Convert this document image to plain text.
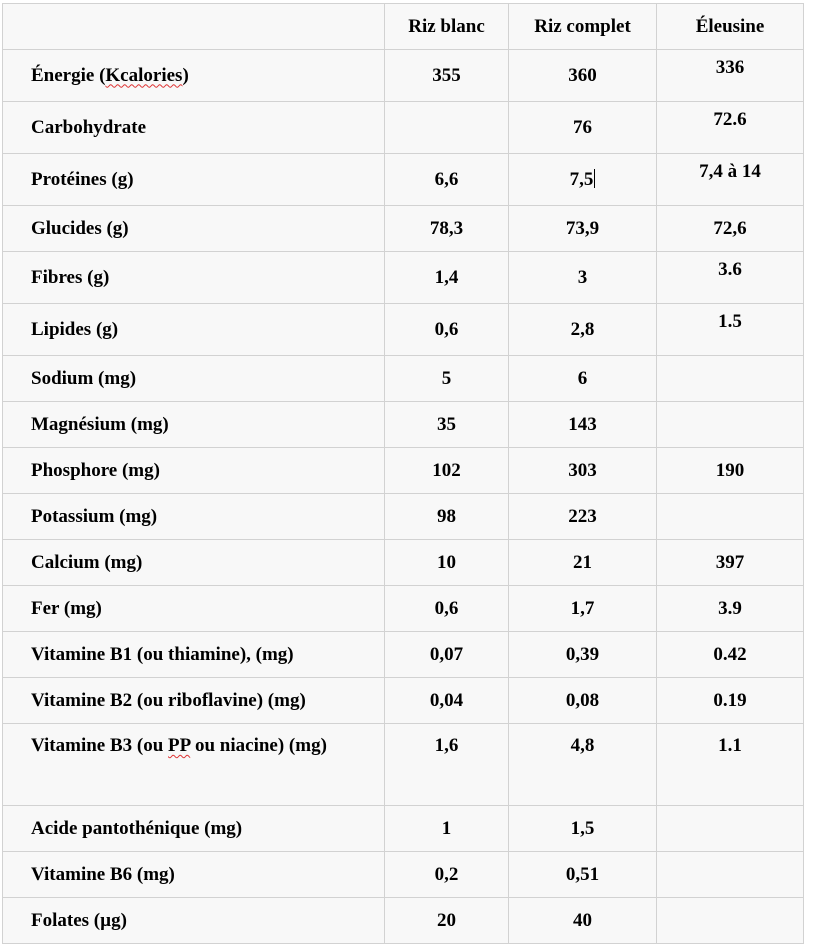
	Riz blanc	Riz complet	Éleusine
Énergie (Kcalories)	355	360	336
Carbohydrate		76	72.6
Protéines (g)	6,6	7,5	7,4 à 14
Glucides (g)	78,3	73,9	72,6
Fibres (g)	1,4	3	3.6
Lipides (g)	0,6	2,8	1.5
Sodium (mg)	5	6	
Magnésium (mg)	35	143	
Phosphore (mg)	102	303	190
Potassium (mg)	98	223	
Calcium (mg)	10	21	397
Fer (mg)	0,6	1,7	3.9
Vitamine B1 (ou thiamine), (mg)	0,07	0,39	0.42
Vitamine B2 (ou riboflavine) (mg)	0,04	0,08	0.19
Vitamine B3 (ou PP ou niacine) (mg)	1,6	4,8	1.1
Acide pantothénique (mg)	1	1,5	
Vitamine B6 (mg)	0,2	0,51	
Folates (µg)	20	40	
